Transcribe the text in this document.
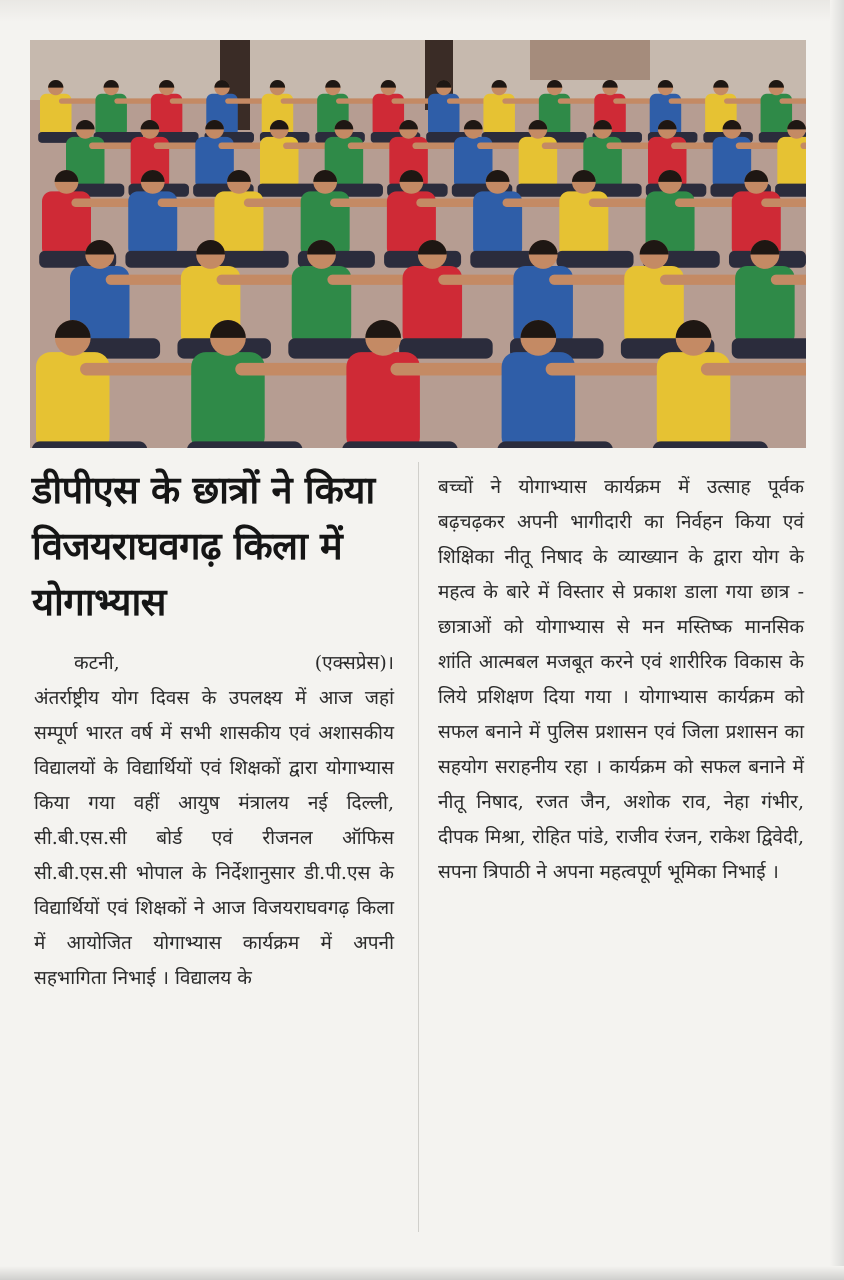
डीपीएस के छात्रों ने किया विजयराघवगढ़ किला में योगाभ्यास
कटनी,	(एक्सप्रेस)।
अंतर्राष्ट्रीय योग दिवस के उपलक्ष्य में आज जहां सम्पूर्ण भारत वर्ष में सभी शासकीय एवं अशासकीय विद्यालयों के विद्यार्थियों एवं शिक्षकों द्वारा योगाभ्यास किया गया वहीं आयुष मंत्रालय नई दिल्ली, सी.बी.एस.सी बोर्ड एवं रीजनल ऑफिस सी.बी.एस.सी भोपाल के निर्देशानुसार डी.पी.एस के विद्यार्थियों एवं शिक्षकों ने आज विजयराघवगढ़ किला में आयोजित योगाभ्यास कार्यक्रम में अपनी सहभागिता निभाई । विद्यालय के
बच्चों ने योगाभ्यास कार्यक्रम में उत्साह पूर्वक बढ़चढ़कर अपनी भागीदारी का निर्वहन किया एवं शिक्षिका नीतू निषाद के व्याख्यान के द्वारा योग के महत्व के बारे में विस्तार से प्रकाश डाला गया छात्र - छात्राओं को योगाभ्यास से मन मस्तिष्क मानसिक शांति आत्मबल मजबूत करने एवं शारीरिक विकास के लिये प्रशिक्षण दिया गया । योगाभ्यास कार्यक्रम को सफल बनाने में पुलिस प्रशासन एवं जिला प्रशासन का सहयोग सराहनीय रहा । कार्यक्रम को सफल बनाने में नीतू निषाद, रजत जैन, अशोक राव, नेहा गंभीर, दीपक मिश्रा, रोहित पांडे, राजीव रंजन, राकेश द्विवेदी, सपना त्रिपाठी ने अपना महत्वपूर्ण भूमिका निभाई ।
